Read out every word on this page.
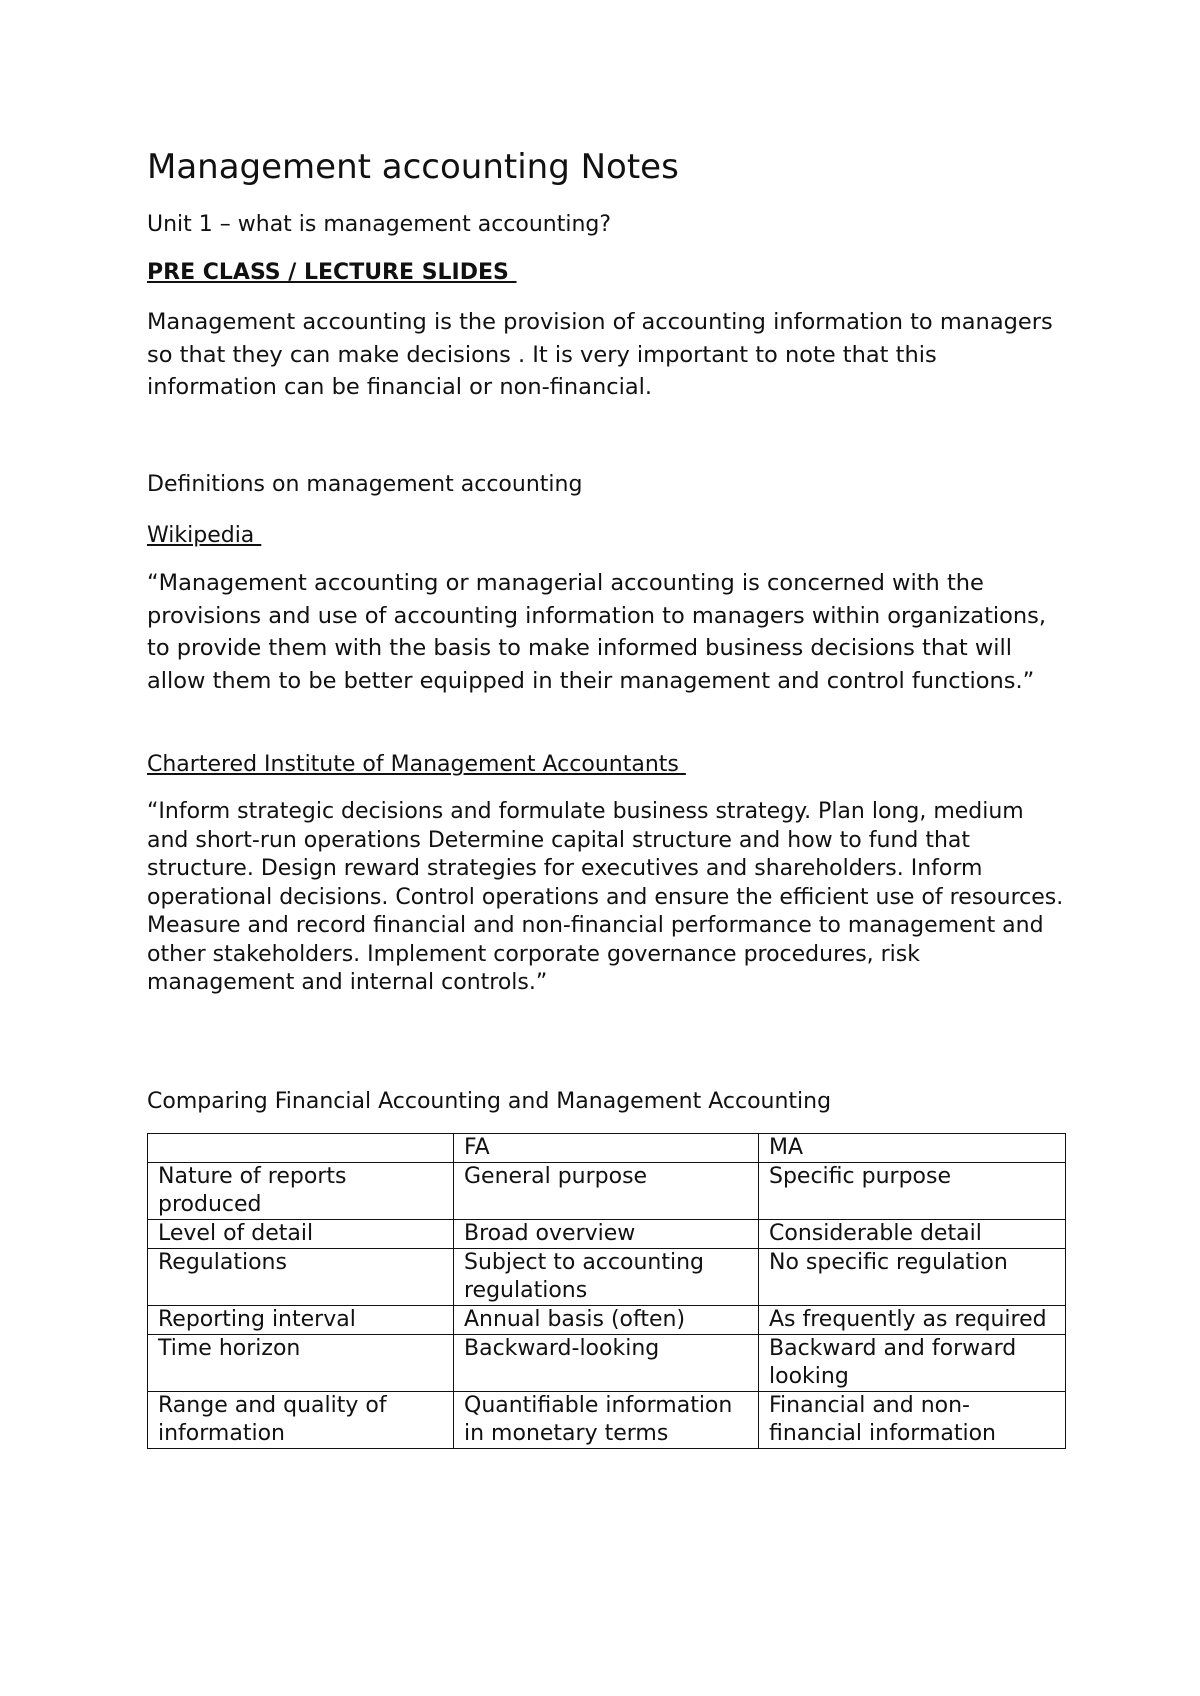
Management accounting Notes
Unit 1 – what is management accounting?
PRE CLASS / LECTURE SLIDES

Management accounting is the provision of accounting information to managers so that they can make decisions . It is very important to note that this information can be financial or non-financial.

Definitions on management accounting
Wikipedia

“Management accounting or managerial accounting is concerned with the provisions and use of accounting information to managers within organizations, to provide them with the basis to make informed business decisions that will allow them to be better equipped in their management and control functions.”

Chartered Institute of Management Accountants

“Inform strategic decisions and formulate business strategy. Plan long, medium and short-run operations Determine capital structure and how to fund that structure. Design reward strategies for executives and shareholders. Inform operational decisions. Control operations and ensure the efficient use of resources. Measure and record financial and non-financial performance to management and other stakeholders. Implement corporate governance procedures, risk management and internal controls.”

Comparing Financial Accounting and Management Accounting
	FA	MA
Nature of reports produced	General purpose	Specific purpose
Level of detail	Broad overview	Considerable detail
Regulations	Subject to accounting regulations	No specific regulation
Reporting interval	Annual basis (often)	As frequently as required
Time horizon	Backward-looking	Backward and forward looking
Range and quality of information	Quantifiable information in monetary terms	Financial and non-financial information
